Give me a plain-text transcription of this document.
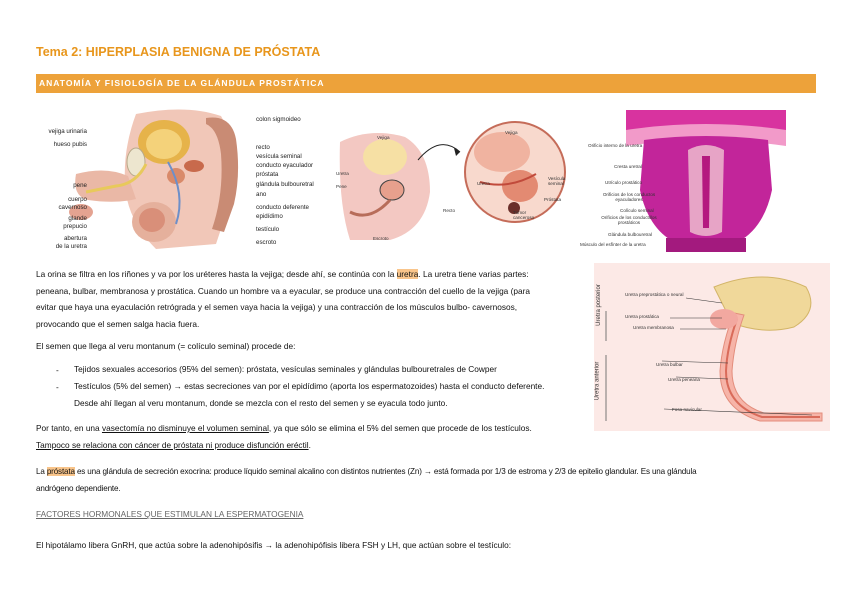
Tema 2: HIPERPLASIA BENIGNA DE PRÓSTATA
ANATOMÍA Y FISIOLOGÍA DE LA GLÁNDULA PROSTÁTICA
vejiga urinaria
hueso pubis
pene
cuerpo
cavernoso
glande
prepucio
abertura
de la uretra
colon sigmoideo
recto
vesícula seminal
conducto eyaculador
próstata
glándula bulbouretral
ano
conducto deferente
epidídimo
testículo
escroto
Vejiga
Uretra
Pene
Recto
Escroto
Vejiga
Uretra
Vesícula seminal
Próstata
Tumor canceroso
Orificio interno de la uretra
Cresta uretral
Utrículo prostático
Orificios de los conductos eyaculadores
Colículo seminal
Orificios de los conductillos prostáticos
Glándula bulbouretral
Músculo del esfínter de la uretra
Uretra posterior
Uretra anterior
Uretra preprostática o neural
Uretra prostática
Uretra membranosa
Uretra bulbar
Uretra peneana
Fosa navicular
La orina se filtra en los riñones y va por los uréteres hasta la vejiga; desde ahí, se continúa con la uretra. La uretra tiene varias partes:
peneana, bulbar, membranosa y prostática. Cuando un hombre va a eyacular, se produce una contracción del cuello de la vejiga (para
evitar que haya una eyaculación retrógrada y el semen vaya hacia la vejiga) y una contracción de los músculos bulbo- cavernosos,
provocando que el semen salga hacia fuera.
El semen que llega al veru montanum (= colículo seminal) procede de:
- Tejidos sexuales accesorios (95% del semen): próstata, vesículas seminales y glándulas bulbouretrales de Cowper
- Testículos (5% del semen) → estas secreciones van por el epidídimo (aporta los espermatozoides) hasta el conducto deferente.
Desde ahí llegan al veru montanum, donde se mezcla con el resto del semen y se eyacula todo junto.
Por tanto, en una vasectomía no disminuye el volumen seminal, ya que sólo se elimina el 5% del semen que procede de los testículos.
Tampoco se relaciona con cáncer de próstata ni produce disfunción eréctil.
La próstata es una glándula de secreción exocrina: produce líquido seminal alcalino con distintos nutrientes (Zn) → está formada por 1/3 de estroma y 2/3 de epitelio glandular. Es una glándula
andrógeno dependiente.
FACTORES HORMONALES QUE ESTIMULAN LA ESPERMATOGENIA
El hipotálamo libera GnRH, que actúa sobre la adenohipósifis → la adenohipófisis libera FSH y LH, que actúan sobre el testículo:
